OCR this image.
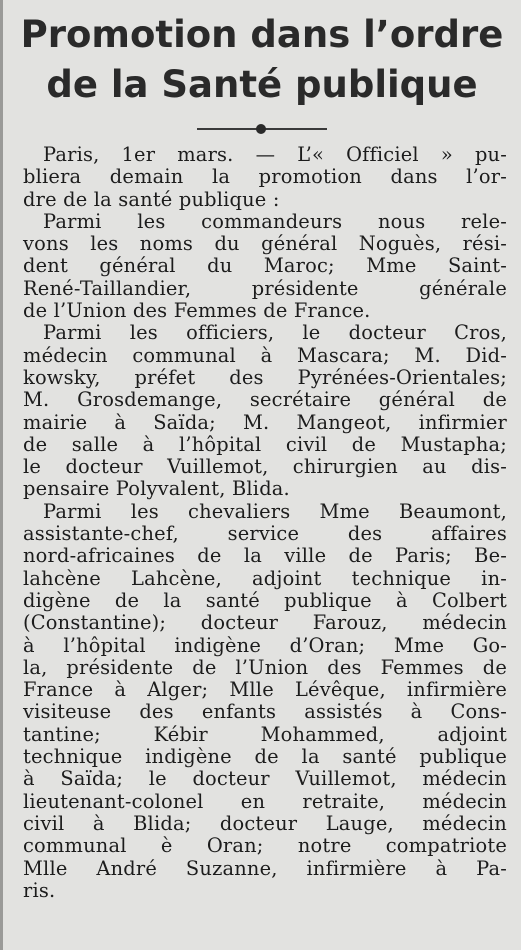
Promotion dans l’ordre
de la Santé publique

Paris, 1er mars. — L’« Officiel » pu-
bliera demain la promotion dans l’or-
dre de la santé publique :

Parmi les commandeurs nous rele-
vons les noms du général Noguès, rési-
dent général du Maroc; Mme Saint-
René-Taillandier, présidente générale
de l’Union des Femmes de France.

Parmi les officiers, le docteur Cros,
médecin communal à Mascara; M. Did-
kowsky, préfet des Pyrénées-Orientales;
M. Grosdemange, secrétaire général de
mairie à Saïda; M. Mangeot, infirmier
de salle à l’hôpital civil de Mustapha;
le docteur Vuillemot, chirurgien au dis-
pensaire Polyvalent, Blida.

Parmi les chevaliers Mme Beaumont,
assistante-chef, service des affaires
nord-africaines de la ville de Paris; Be-
lahcène Lahcène, adjoint technique in-
digène de la santé publique à Colbert
(Constantine); docteur Farouz, médecin
à l’hôpital indigène d’Oran; Mme Go-
la, présidente de l’Union des Femmes de
France à Alger; Mlle Lévêque, infirmière
visiteuse des enfants assistés à Cons-
tantine; Kébir Mohammed, adjoint
technique indigène de la santé publique
à Saïda; le docteur Vuillemot, médecin
lieutenant-colonel en retraite, médecin
civil à Blida; docteur Lauge, médecin
communal è Oran; notre compatriote
Mlle André Suzanne, infirmière à Pa-
ris.
